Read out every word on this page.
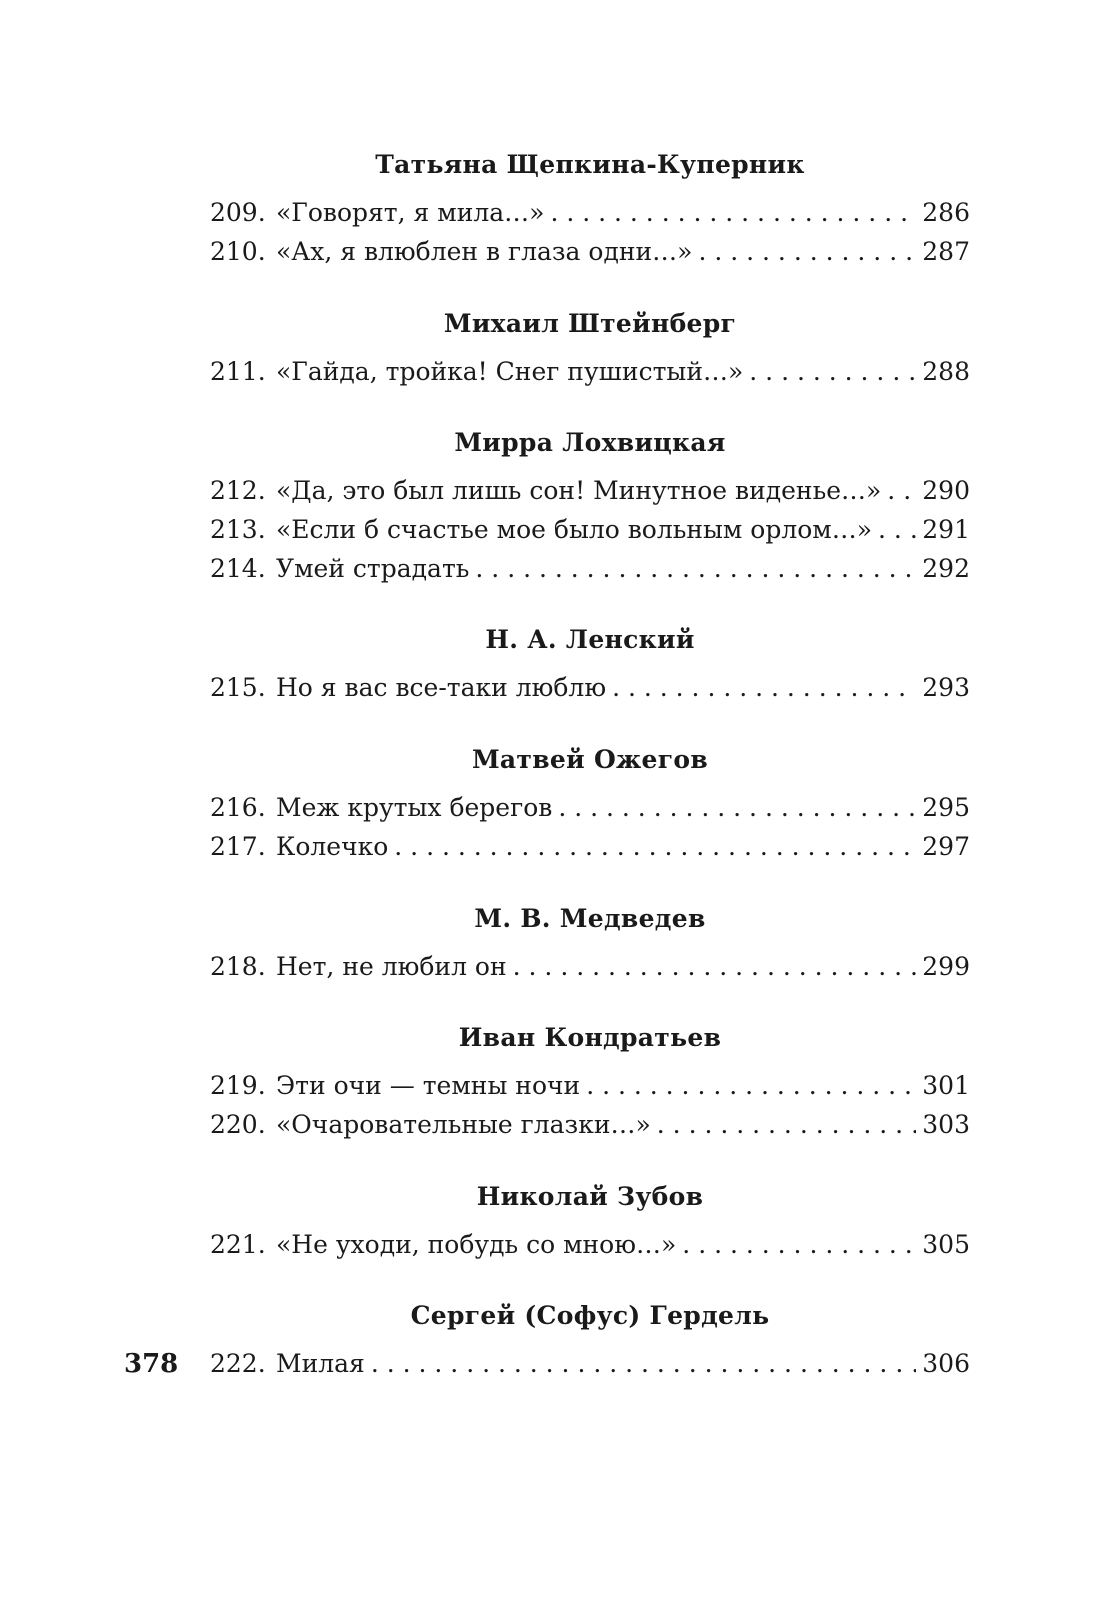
Татьяна Щепкина-Куперник
209. «Говорят, я мила…» . . .	286
210. «Ах, я влюблен в глаза одни…» . . .	287
Михаил Штейнберг
211. «Гайда, тройка! Снег пушистый…» . . .	288
Мирра Лохвицкая
212. «Да, это был лишь сон! Минутное виденье…» . . . 290
213. «Если б счастье мое было вольным орлом…» . . . 291
214. Умей страдать . . .	292
Н. А. Ленский
215. Но я вас все-таки люблю . . .	293
Матвей Ожегов
216. Меж крутых берегов . . .	295
217. Колечко . . .	297
М. В. Медведев
218. Нет, не любил он . . .	299
Иван Кондратьев
219. Эти очи — темны ночи . . .	301
220. «Очаровательные глазки…» . . .	303
Николай Зубов
221. «Не уходи, побудь со мною…» . . .	305
Сергей (Софус) Гердель
222. Милая . . .	306
378
